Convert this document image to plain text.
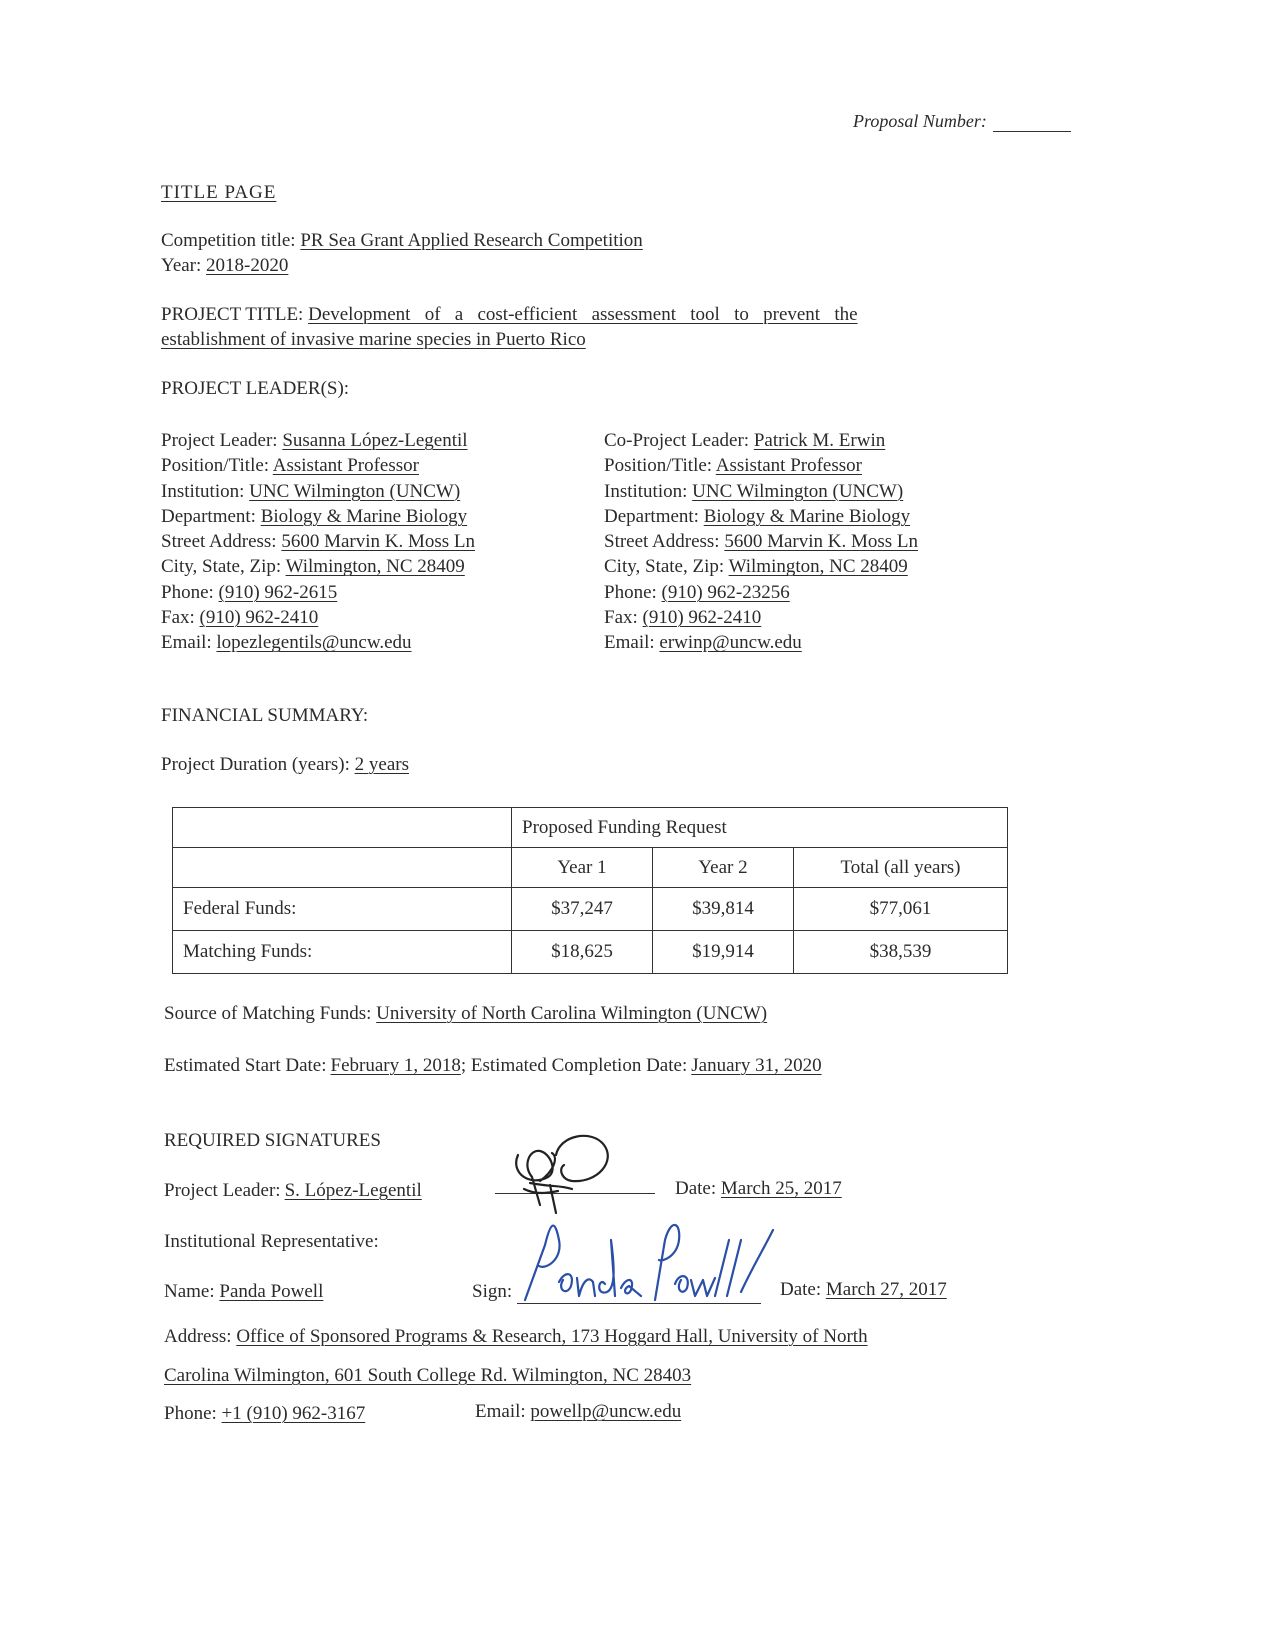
Proposal Number:
TITLE PAGE
Competition title: PR Sea Grant Applied Research Competition
Year: 2018-2020
PROJECT TITLE: Development of a cost-efficient assessment tool to prevent the
establishment of invasive marine species in Puerto Rico
PROJECT LEADER(S):
Project Leader: Susanna López-Legentil
Position/Title: Assistant Professor
Institution: UNC Wilmington (UNCW)
Department: Biology & Marine Biology
Street Address: 5600 Marvin K. Moss Ln
City, State, Zip: Wilmington, NC 28409
Phone: (910) 962-2615
Fax: (910) 962-2410
Email: lopezlegentils@uncw.edu
Co-Project Leader: Patrick M. Erwin
Position/Title: Assistant Professor
Institution: UNC Wilmington (UNCW)
Department: Biology & Marine Biology
Street Address: 5600 Marvin K. Moss Ln
City, State, Zip: Wilmington, NC 28409
Phone: (910) 962-23256
Fax: (910) 962-2410
Email: erwinp@uncw.edu
FINANCIAL SUMMARY:
Project Duration (years): 2 years
	Proposed Funding Request		
	Year 1	Year 2	Total (all years)
Federal Funds:	$37,247	$39,814	$77,061
Matching Funds:	$18,625	$19,914	$38,539
Source of Matching Funds: University of North Carolina Wilmington (UNCW)
Estimated Start Date: February 1, 2018; Estimated Completion Date: January 31, 2020
REQUIRED SIGNATURES
Project Leader: S. López-Legentil	Date: March 25, 2017
Institutional Representative:
Name: Panda Powell	Sign:	Date: March 27, 2017
Address: Office of Sponsored Programs & Research, 173 Hoggard Hall, University of North
Carolina Wilmington, 601 South College Rd. Wilmington, NC 28403
Phone: +1 (910) 962-3167	Email: powellp@uncw.edu
